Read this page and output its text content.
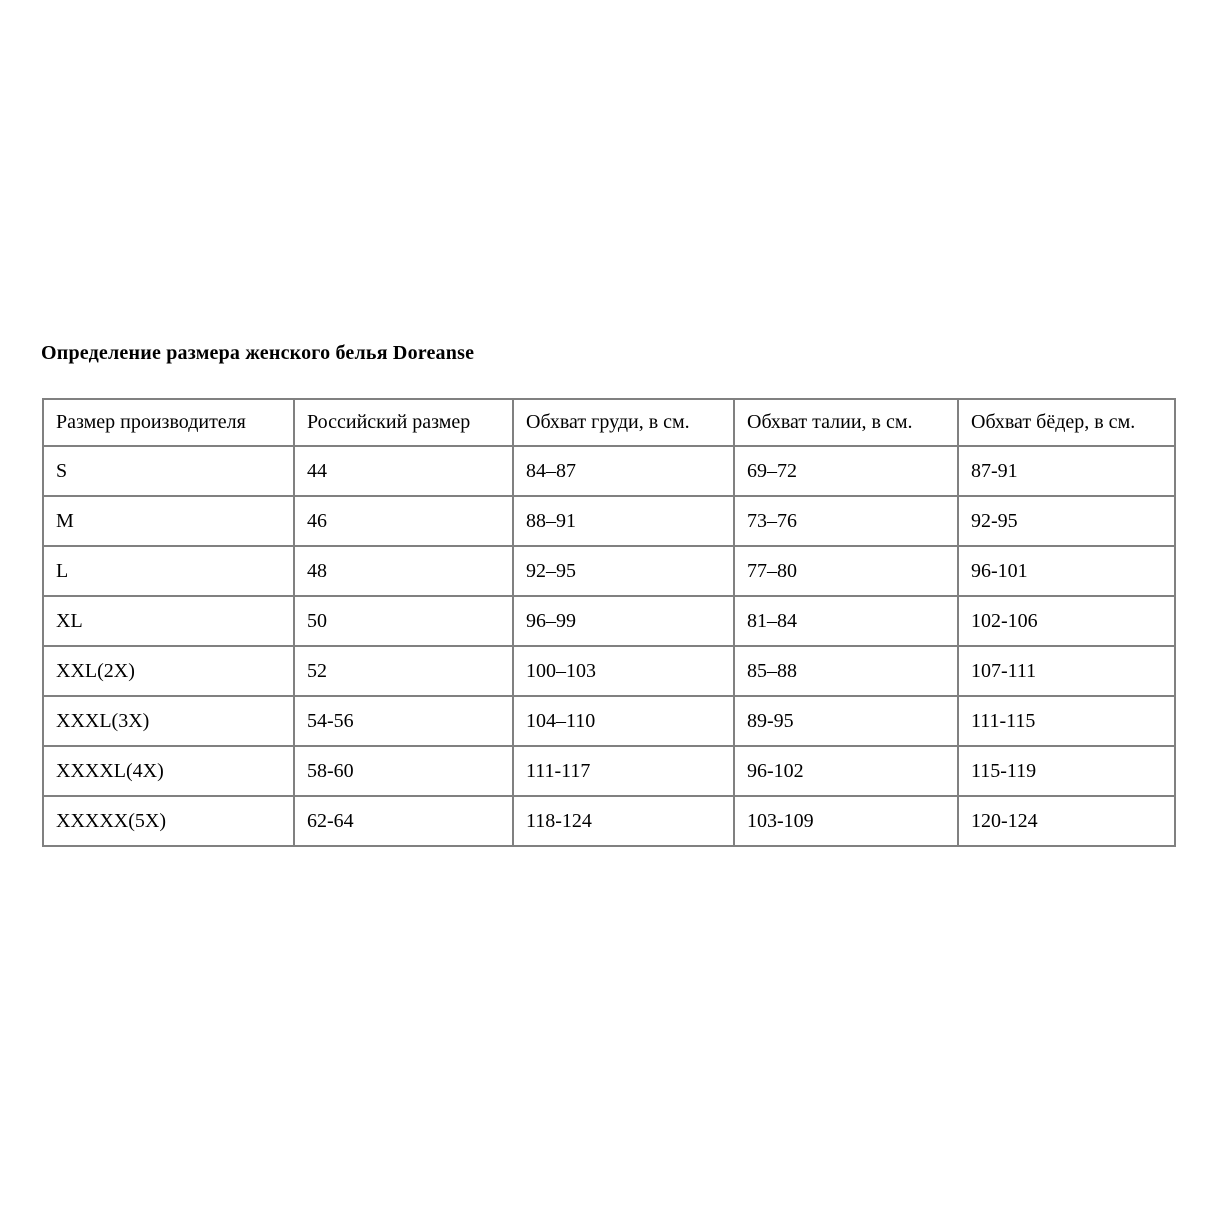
Определение размера женского белья Doreanse
Размер производителя	Российский размер	Обхват груди, в см.	Обхват талии, в см.	Обхват бёдер, в см.
S	44	84–87	69–72	87-91
M	46	88–91	73–76	92-95
L	48	92–95	77–80	96-101
XL	50	96–99	81–84	102-106
XXL(2X)	52	100–103	85–88	107-111
XXXL(3X)	54-56	104–110	89-95	111-115
XXXXL(4X)	58-60	111-117	96-102	115-119
XXXXX(5X)	62-64	118-124	103-109	120-124
